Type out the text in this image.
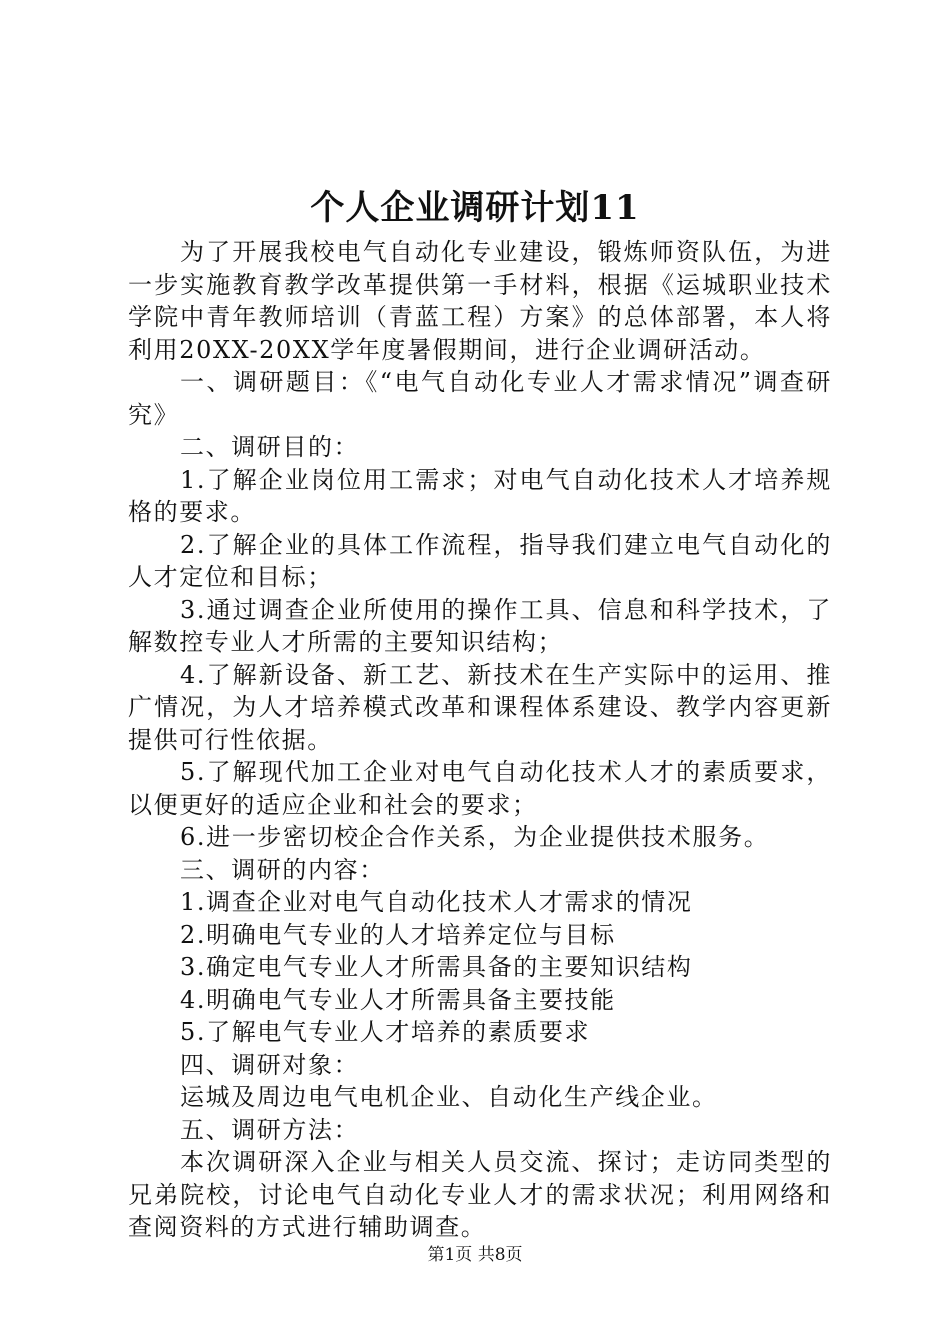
个人企业调研计划11

为了开展我校电气自动化专业建设，锻炼师资队伍，为进一步实施教育教学改革提供第一手材料，根据《运城职业技术学院中青年教师培训（青蓝工程）方案》的总体部署，本人将利用20XX-20XX学年度暑假期间，进行企业调研活动。

一、调研题目：《“电气自动化专业人才需求情况”调查研究》

二、调研目的：

1.了解企业岗位用工需求；对电气自动化技术人才培养规格的要求。

2.了解企业的具体工作流程，指导我们建立电气自动化的人才定位和目标；

3.通过调查企业所使用的操作工具、信息和科学技术，了解数控专业人才所需的主要知识结构；

4.了解新设备、新工艺、新技术在生产实际中的运用、推广情况，为人才培养模式改革和课程体系建设、教学内容更新提供可行性依据。

5.了解现代加工企业对电气自动化技术人才的素质要求，以便更好的适应企业和社会的要求；

6.进一步密切校企合作关系，为企业提供技术服务。

三、调研的内容：

1.调查企业对电气自动化技术人才需求的情况

2.明确电气专业的人才培养定位与目标

3.确定电气专业人才所需具备的主要知识结构

4.明确电气专业人才所需具备主要技能

5.了解电气专业人才培养的素质要求

四、调研对象：

运城及周边电气电机企业、自动化生产线企业。

五、调研方法：

本次调研深入企业与相关人员交流、探讨；走访同类型的兄弟院校，讨论电气自动化专业人才的需求状况；利用网络和查阅资料的方式进行辅助调查。

第1页 共8页
